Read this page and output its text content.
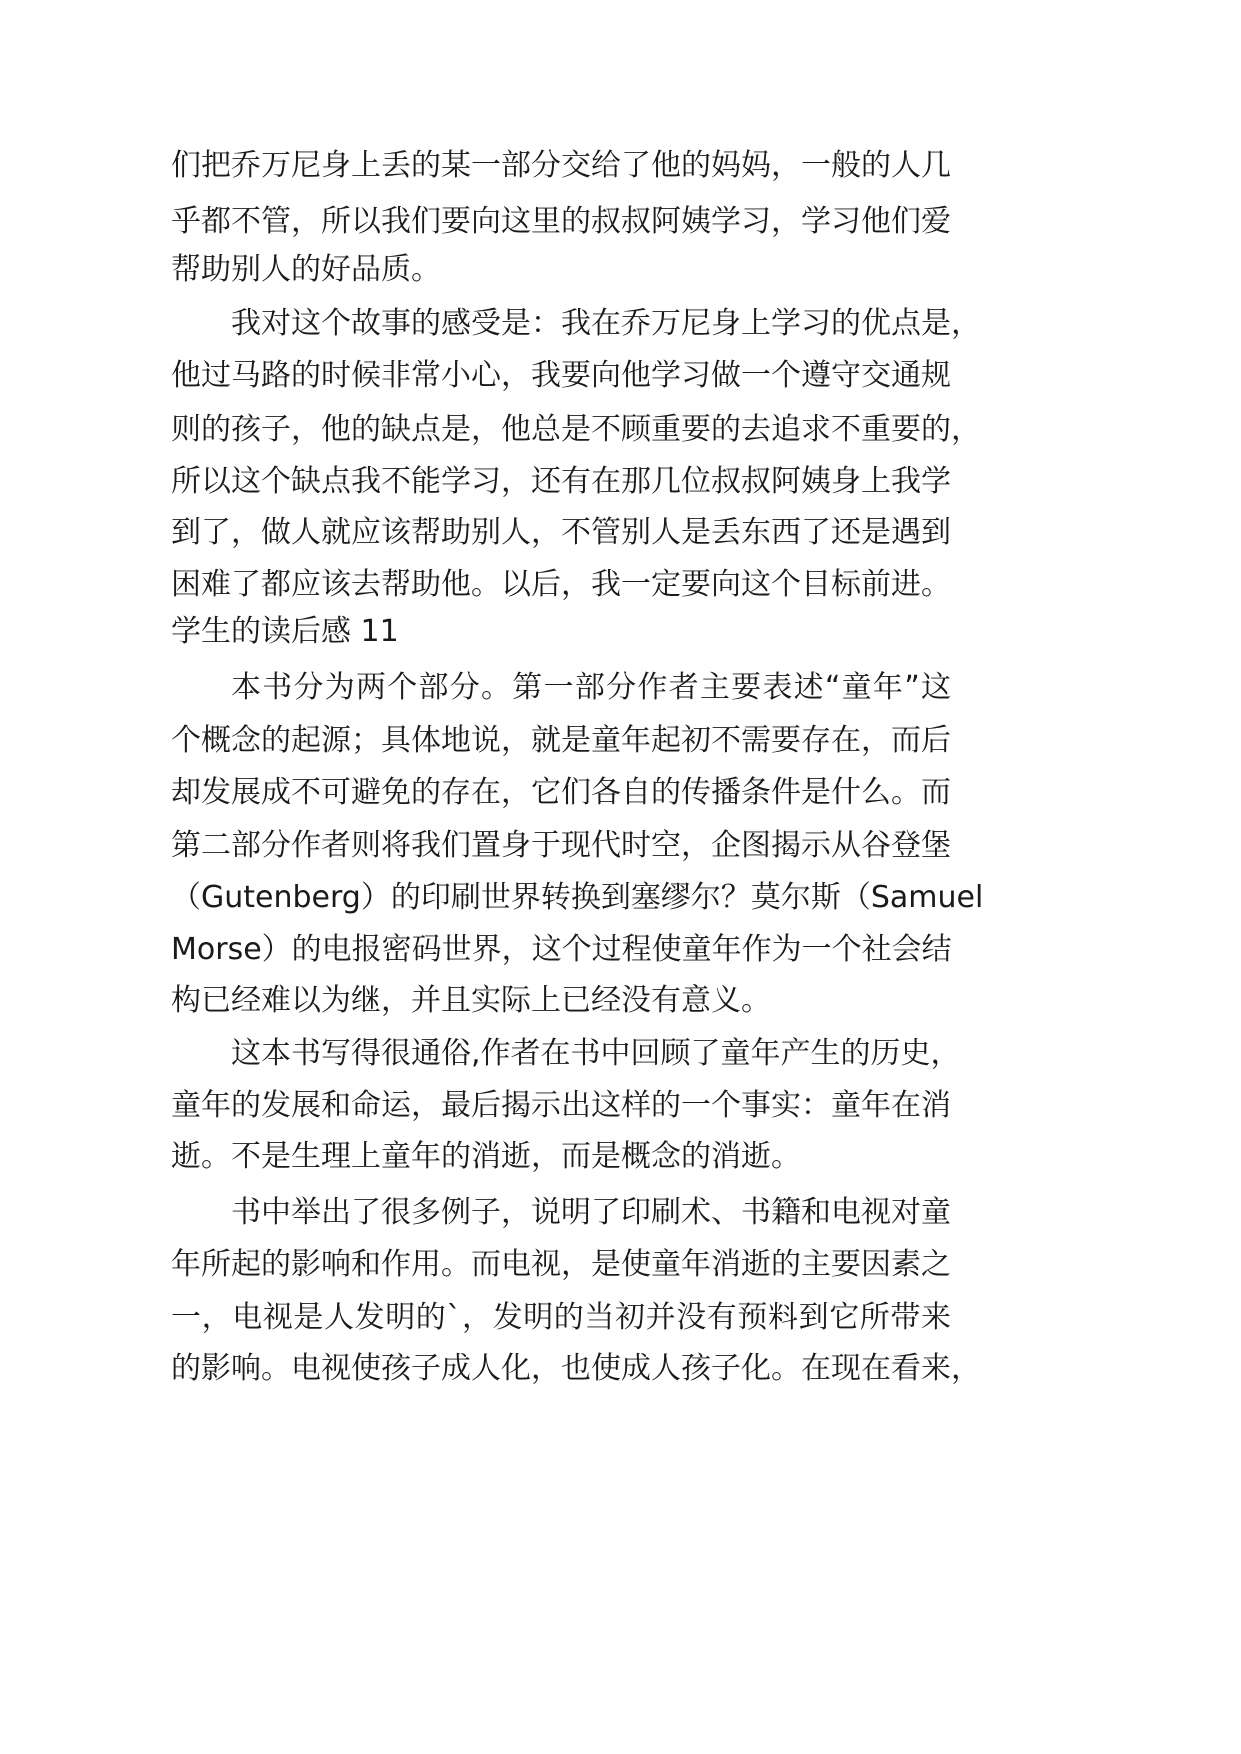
们把乔万尼身上丢的某一部分交给了他的妈妈，一般的人几
乎都不管，所以我们要向这里的叔叔阿姨学习，学习他们爱
帮助别人的好品质。
我对这个故事的感受是：我在乔万尼身上学习的优点是，
他过马路的时候非常小心，我要向他学习做一个遵守交通规
则的孩子，他的缺点是，他总是不顾重要的去追求不重要的，
所以这个缺点我不能学习，还有在那几位叔叔阿姨身上我学
到了，做人就应该帮助别人，不管别人是丢东西了还是遇到
困难了都应该去帮助他。以后，我一定要向这个目标前进。
学生的读后感 11
本书分为两个部分。第一部分作者主要表述“童年”这
个概念的起源；具体地说，就是童年起初不需要存在，而后
却发展成不可避免的存在，它们各自的传播条件是什么。而
第二部分作者则将我们置身于现代时空，企图揭示从谷登堡
（Gutenberg）的印刷世界转换到塞缪尔？莫尔斯（Samuel
Morse）的电报密码世界，这个过程使童年作为一个社会结
构已经难以为继，并且实际上已经没有意义。
这本书写得很通俗,作者在书中回顾了童年产生的历史，
童年的发展和命运，最后揭示出这样的一个事实：童年在消
逝。不是生理上童年的消逝，而是概念的消逝。
书中举出了很多例子，说明了印刷术、书籍和电视对童
年所起的影响和作用。而电视，是使童年消逝的主要因素之
一，电视是人发明的`，发明的当初并没有预料到它所带来
的影响。电视使孩子成人化，也使成人孩子化。在现在看来，
